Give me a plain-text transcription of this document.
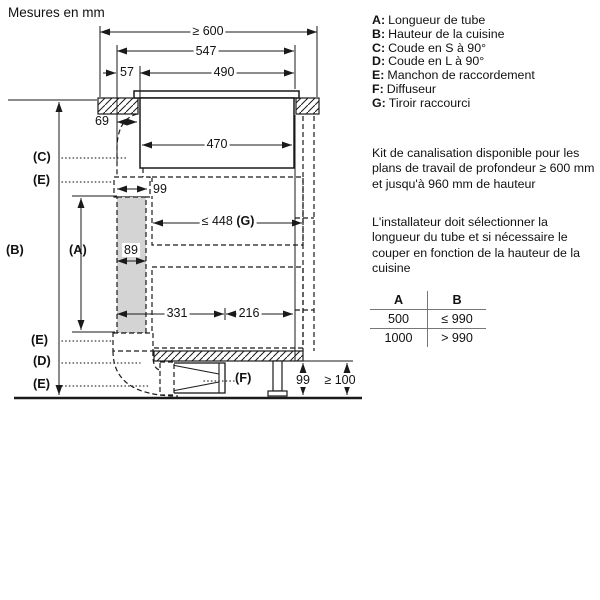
Mesures en mm
≥ 600
547
57	490
69
470
99
≤ 448 (G)
89
331	216
99 ≥ 100
(B)	(A)
(C)
(E)
(E)
(D)
(E)	(F)
A: Longueur de tube
B: Hauteur de la cuisine
C: Coude en S à 90°
D: Coude en L à 90°
E: Manchon de raccordement
F: Diffuseur
G: Tiroir raccourci
Kit de canalisation disponible pour les plans de travail de profondeur ≥ 600 mm et jusqu'à 960 mm de hauteur
L'installateur doit sélectionner la longueur du tube et si nécessaire le couper en fonction de la hauteur de la cuisine
A	B
500	≤ 990
1000	> 990
